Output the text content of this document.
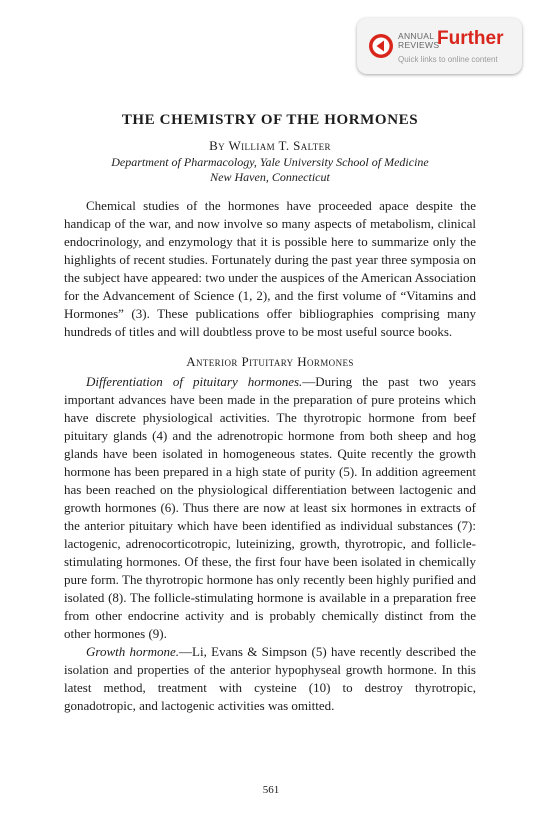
ANNUAL
REVIEWS
Further
Quick links to online content
THE CHEMISTRY OF THE HORMONES
By William T. Salter
Department of Pharmacology, Yale University School of Medicine
New Haven, Connecticut

Chemical studies of the hormones have proceeded apace despite the handicap of the war, and now involve so many aspects of metabolism, clinical endocrinology, and enzymology that it is possible here to summarize only the highlights of recent studies. Fortunately during the past year three symposia on the subject have appeared: two under the auspices of the American Association for the Advancement of Science (1, 2), and the first volume of “Vitamins and Hormones” (3). These publications offer bibliographies comprising many hundreds of titles and will doubtless prove to be most useful source books.

Anterior Pituitary Hormones

Differentiation of pituitary hormones.—During the past two years important advances have been made in the preparation of pure proteins which have discrete physiological activities. The thyrotropic hormone from beef pituitary glands (4) and the adrenotropic hormone from both sheep and hog glands have been isolated in homogeneous states. Quite recently the growth hormone has been prepared in a high state of purity (5). In addition agreement has been reached on the physiological differentiation between lactogenic and growth hormones (6). Thus there are now at least six hormones in extracts of the anterior pituitary which have been identified as individual substances (7): lactogenic, adrenocorticotropic, luteinizing, growth, thyrotropic, and follicle-stimulating hormones. Of these, the first four have been isolated in chemically pure form. The thyrotropic hormone has only recently been highly purified and isolated (8). The follicle-stimulating hormone is available in a preparation free from other endocrine activity and is probably chemically distinct from the other hormones (9).

Growth hormone.—Li, Evans & Simpson (5) have recently described the isolation and properties of the anterior hypophyseal growth hormone. In this latest method, treatment with cysteine (10) to destroy thyrotropic, gonadotropic, and lactogenic activities was omitted.

561
